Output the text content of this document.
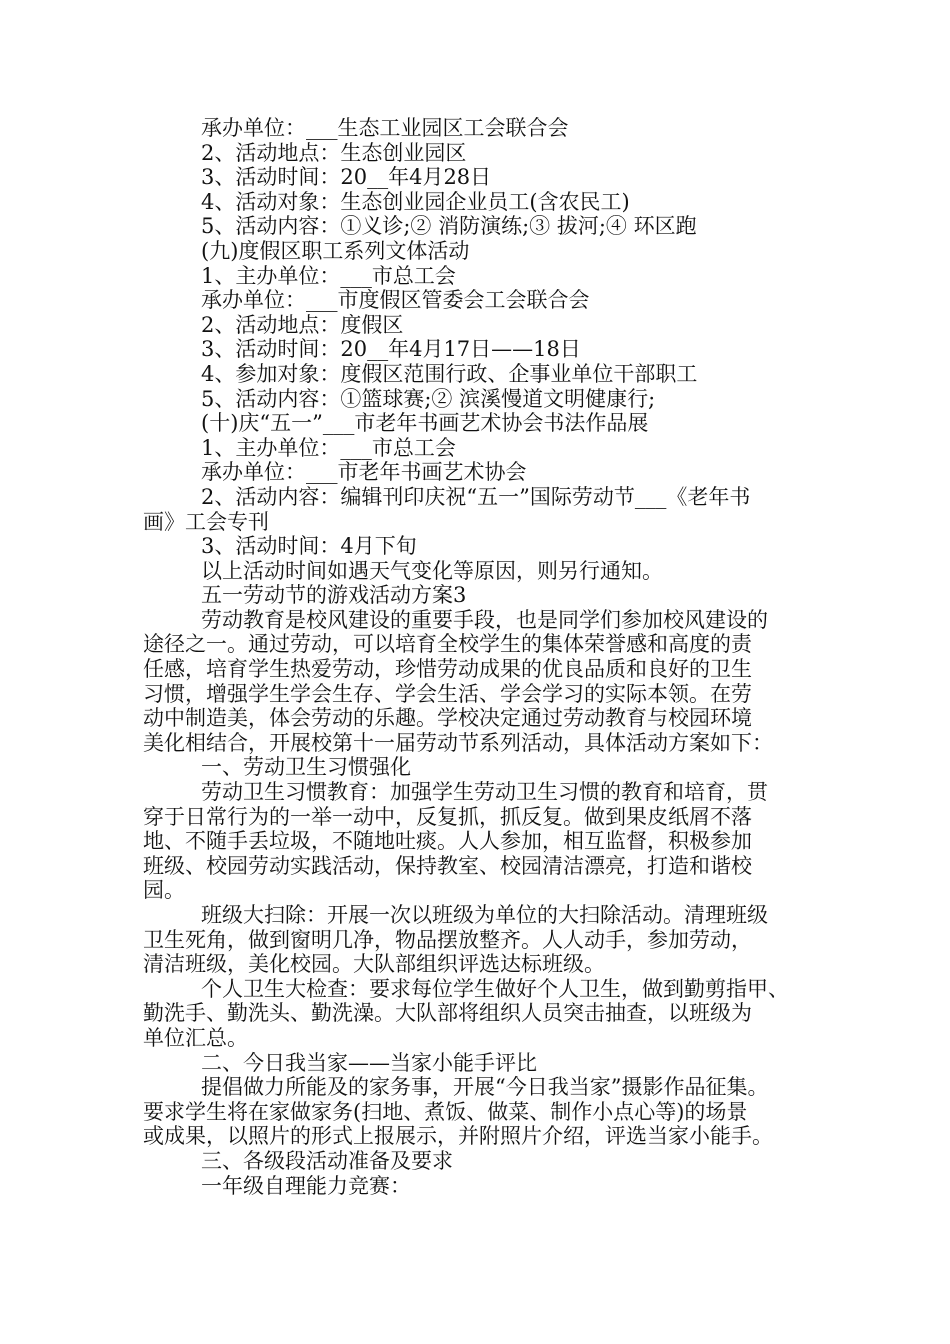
承办单位：___生态工业园区工会联合会
2、活动地点：生态创业园区
3、活动时间：20__年4月28日
4、活动对象：生态创业园企业员工(含农民工)
5、活动内容：①义诊;② 消防演练;③ 拔河;④ 环区跑
(九)度假区职工系列文体活动
1、主办单位：___市总工会
承办单位：___市度假区管委会工会联合会
2、活动地点：度假区
3、活动时间：20__年4月17日——18日
4、参加对象：度假区范围行政、企事业单位干部职工
5、活动内容：①篮球赛;② 滨溪慢道文明健康行;
(十)庆“五一”___市老年书画艺术协会书法作品展
1、主办单位：___市总工会
承办单位：___市老年书画艺术协会
2、活动内容：编辑刊印庆祝“五一”国际劳动节___《老年书
画》工会专刊
3、活动时间：4月下旬
以上活动时间如遇天气变化等原因，则另行通知。
五一劳动节的游戏活动方案3
劳动教育是校风建设的重要手段，也是同学们参加校风建设的
途径之一。通过劳动，可以培育全校学生的集体荣誉感和高度的责
任感，培育学生热爱劳动，珍惜劳动成果的优良品质和良好的卫生
习惯，增强学生学会生存、学会生活、学会学习的实际本领。在劳
动中制造美，体会劳动的乐趣。学校决定通过劳动教育与校园环境
美化相结合，开展校第十一届劳动节系列活动，具体活动方案如下：
一、劳动卫生习惯强化
劳动卫生习惯教育：加强学生劳动卫生习惯的教育和培育，贯
穿于日常行为的一举一动中，反复抓，抓反复。做到果皮纸屑不落
地、不随手丢垃圾，不随地吐痰。人人参加，相互监督，积极参加
班级、校园劳动实践活动，保持教室、校园清洁漂亮，打造和谐校
园。
班级大扫除：开展一次以班级为单位的大扫除活动。清理班级
卫生死角，做到窗明几净，物品摆放整齐。人人动手，参加劳动，
清洁班级，美化校园。大队部组织评选达标班级。
个人卫生大检查：要求每位学生做好个人卫生，做到勤剪指甲、
勤洗手、勤洗头、勤洗澡。大队部将组织人员突击抽查，以班级为
单位汇总。
二、今日我当家——当家小能手评比
提倡做力所能及的家务事，开展“今日我当家”摄影作品征集。
要求学生将在家做家务(扫地、煮饭、做菜、制作小点心等)的场景
或成果，以照片的形式上报展示，并附照片介绍，评选当家小能手。
三、各级段活动准备及要求
一年级自理能力竞赛：
